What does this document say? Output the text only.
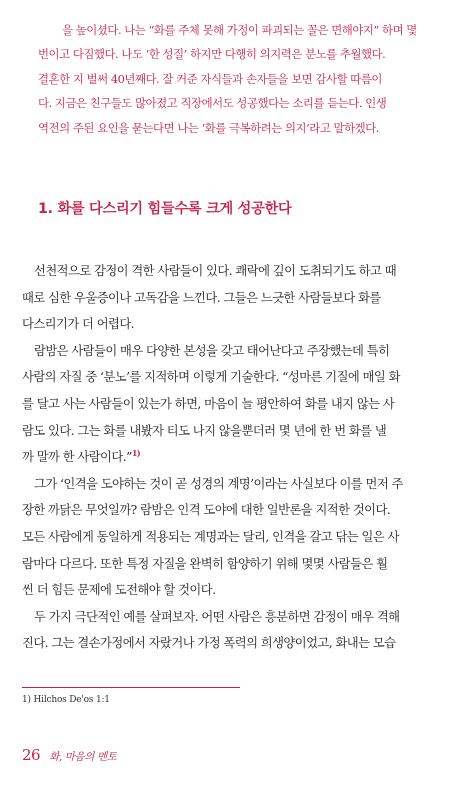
을 높이셨다. 나는 “화를 주체 못해 가정이 파괴되는 꼴은 면해야지” 하며 몇

번이고 다짐했다. 나도 ‘한 성질’ 하지만 다행히 의지력은 분노를 추월했다.

결혼한 지 벌써 40년째다. 잘 커준 자식들과 손자들을 보면 감사할 따름이

다. 지금은 친구들도 많아졌고 직장에서도 성공했다는 소리를 듣는다. 인생

역전의 주된 요인을 묻는다면 나는 ‘화를 극복하려는 의지’라고 말하겠다.

1. 화를 다스리기 힘들수록 크게 성공한다
선천적으로 감정이 격한 사람들이 있다. 쾌락에 깊이 도취되기도 하고 때
때로 심한 우울증이나 고독감을 느낀다. 그들은 느긋한 사람들보다 화를
다스리기가 더 어렵다.
람밤은 사람들이 매우 다양한 본성을 갖고 태어난다고 주장했는데 특히
사람의 자질 중 ‘분노’를 지적하며 이렇게 기술한다. “성마른 기질에 매일 화
를 달고 사는 사람들이 있는가 하면, 마음이 늘 평안하여 화를 내지 않는 사
람도 있다. 그는 화를 내봤자 티도 나지 않을뿐더러 몇 년에 한 번 화를 낼
까 말까 한 사람이다.”$^{1)}$
그가 ‘인격을 도야하는 것이 곧 성경의 계명’이라는 사실보다 이를 먼저 주
장한 까닭은 무엇일까? 람밤은 인격 도야에 대한 일반론을 지적한 것이다.
모든 사람에게 동일하게 적용되는 계명과는 달리, 인격을 갈고 닦는 일은 사
람마다 다르다. 또한 특정 자질을 완벽히 함양하기 위해 몇몇 사람들은 훨
씬 더 힘든 문제에 도전해야 할 것이다.
두 가지 극단적인 예를 살펴보자. 어떤 사람은 흥분하면 감정이 매우 격해
진다. 그는 결손가정에서 자랐거나 가정 폭력의 희생양이었고, 화내는 모습

1) Hilchos De'os 1:1

26 화, 마음의 멘토
